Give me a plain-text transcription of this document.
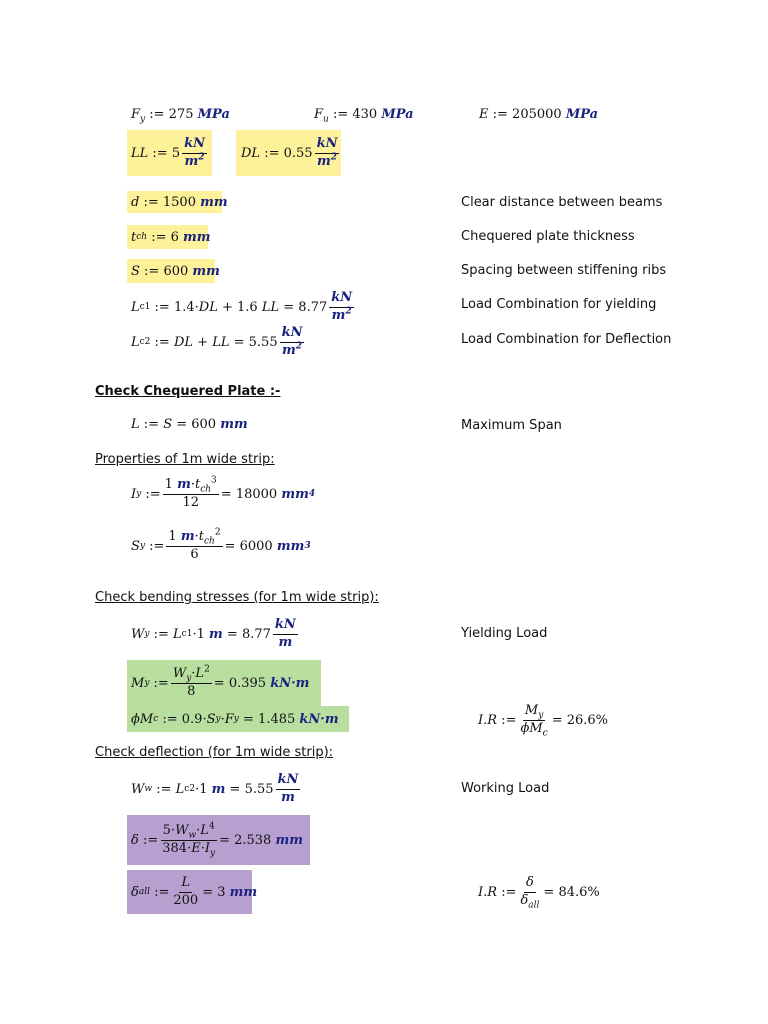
$F_y$ := 275 MPa	$F_u$ := 430 MPa	E := 205000 MPa
LL := $5 \frac{kN}{m^2}$	DL := $0.55 \frac{kN}{m^2}$
d := 1500
mm	Clear distance between beams
t ch := 6
mm	Chequered plate thickness
S := 600
mm	Spacing between stiffening ribs
L c1 := 1.4 · DL + 1.6
LL = $8.77 \frac{kN}{m^2}$	Load Combination for yielding
L c2 := DL + LL = $5.55 \frac{kN}{m^2}$	Load Combination for Deflection
Check Chequered Plate :-
L := S = 600 mm	Maximum Span
Properties of 1m wide strip:
I y := $\frac{1 m\cdot t_{ch}^3}{12} = 18000$
mm 4
S y := $\frac{1 m\cdot t_{ch}^2}{6} = 6000$
mm 3
Check bending stresses (for 1m wide strip):
W y := L c1 · 1
$m = 8.77 \frac{kN}{m}$	Yielding Load
M y := $\frac{W_y\cdot L^2}{8} = 0.395$
kN·m
ϕM c := 0.9 · S y · F y = 1.485
kN·m	I.R := $\frac{M_y}{\phi M_c} = 26.6\%$
Check deflection (for 1m wide strip):
W w := L c2 · 1
$m = 5.55 \frac{kN}{m}$	Working Load
δ := $\frac{5\cdot W_w\cdot L^4}{384\cdot E\cdot I_y} = 2.538$
mm
δ all := $\frac{L}{200} = 3$
mm	I.R := $\frac{\delta}{\delta_{all}} = 84.6\%$
